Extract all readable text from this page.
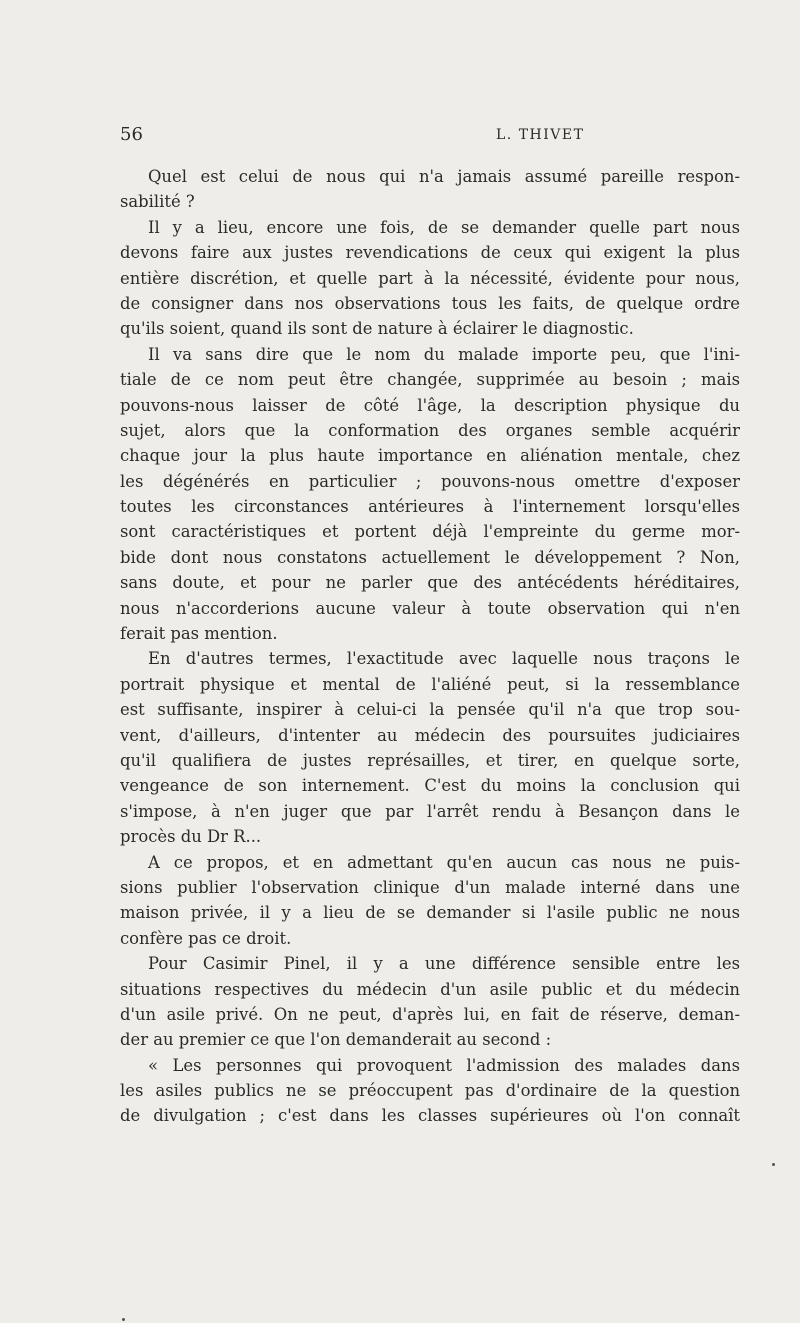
56	L. THIVET
Quel est celui de nous qui n'a jamais assumé pareille respon-
sabilité ?
Il y a lieu, encore une fois, de se demander quelle part nous
devons faire aux justes revendications de ceux qui exigent la plus
entière discrétion, et quelle part à la nécessité, évidente pour nous,
de consigner dans nos observations tous les faits, de quelque ordre
qu'ils soient, quand ils sont de nature à éclairer le diagnostic.
Il va sans dire que le nom du malade importe peu, que l'ini-
tiale de ce nom peut être changée, supprimée au besoin ; mais
pouvons-nous laisser de côté l'âge, la description physique du
sujet, alors que la conformation des organes semble acquérir
chaque jour la plus haute importance en aliénation mentale, chez
les dégénérés en particulier ; pouvons-nous omettre d'exposer
toutes les circonstances antérieures à l'internement lorsqu'elles
sont caractéristiques et portent déjà l'empreinte du germe mor-
bide dont nous constatons actuellement le développement ? Non,
sans doute, et pour ne parler que des antécédents héréditaires,
nous n'accorderions aucune valeur à toute observation qui n'en
ferait pas mention.
En d'autres termes, l'exactitude avec laquelle nous traçons le
portrait physique et mental de l'aliéné peut, si la ressemblance
est suffisante, inspirer à celui-ci la pensée qu'il n'a que trop sou-
vent, d'ailleurs, d'intenter au médecin des poursuites judiciaires
qu'il qualifiera de justes représailles, et tirer, en quelque sorte,
vengeance de son internement. C'est du moins la conclusion qui
s'impose, à n'en juger que par l'arrêt rendu à Besançon dans le
procès du Dr R...
A ce propos, et en admettant qu'en aucun cas nous ne puis-
sions publier l'observation clinique d'un malade interné dans une
maison privée, il y a lieu de se demander si l'asile public ne nous
confère pas ce droit.
Pour Casimir Pinel, il y a une différence sensible entre les
situations respectives du médecin d'un asile public et du médecin
d'un asile privé. On ne peut, d'après lui, en fait de réserve, deman-
der au premier ce que l'on demanderait au second :
« Les personnes qui provoquent l'admission des malades dans
les asiles publics ne se préoccupent pas d'ordinaire de la question
de divulgation ; c'est dans les classes supérieures où l'on connaît
